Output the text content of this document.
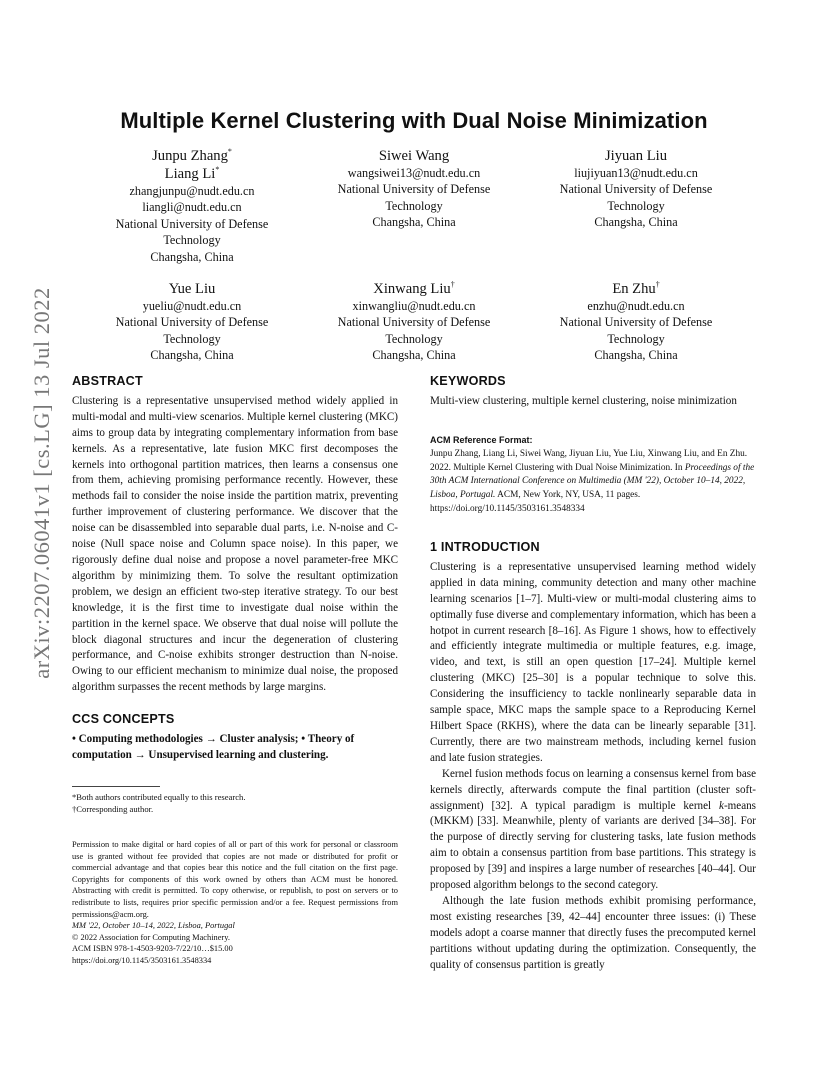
arXiv:2207.06041v1 [cs.LG] 13 Jul 2022
Multiple Kernel Clustering with Dual Noise Minimization
Junpu Zhang*
Liang Li*
zhangjunpu@nudt.edu.cn
liangli@nudt.edu.cn
National University of Defense
Technology
Changsha, China
Siwei Wang
wangsiwei13@nudt.edu.cn
National University of Defense
Technology
Changsha, China
Jiyuan Liu
liujiyuan13@nudt.edu.cn
National University of Defense
Technology
Changsha, China
Yue Liu
yueliu@nudt.edu.cn
National University of Defense
Technology
Changsha, China
Xinwang Liu†
xinwangliu@nudt.edu.cn
National University of Defense
Technology
Changsha, China
En Zhu†
enzhu@nudt.edu.cn
National University of Defense
Technology
Changsha, China
ABSTRACT

Clustering is a representative unsupervised method widely applied in multi-modal and multi-view scenarios. Multiple kernel clustering (MKC) aims to group data by integrating complementary information from base kernels. As a representative, late fusion MKC first decomposes the kernels into orthogonal partition matrices, then learns a consensus one from them, achieving promising performance recently. However, these methods fail to consider the noise inside the partition matrix, preventing further improvement of clustering performance. We discover that the noise can be disassembled into separable dual parts, i.e. N-noise and C-noise (Null space noise and Column space noise). In this paper, we rigorously define dual noise and propose a novel parameter-free MKC algorithm by minimizing them. To solve the resultant optimization problem, we design an efficient two-step iterative strategy. To our best knowledge, it is the first time to investigate dual noise within the partition in the kernel space. We observe that dual noise will pollute the block diagonal structures and incur the degeneration of clustering performance, and C-noise exhibits stronger destruction than N-noise. Owing to our efficient mechanism to minimize dual noise, the proposed algorithm surpasses the recent methods by large margins.

CCS CONCEPTS

• Computing methodologies → Cluster analysis; • Theory of computation → Unsupervised learning and clustering.

*Both authors contributed equally to this research.
†Corresponding author.
Permission to make digital or hard copies of all or part of this work for personal or classroom use is granted without fee provided that copies are not made or distributed for profit or commercial advantage and that copies bear this notice and the full citation on the first page. Copyrights for components of this work owned by others than ACM must be honored. Abstracting with credit is permitted. To copy otherwise, or republish, to post on servers or to redistribute to lists, requires prior specific permission and/or a fee. Request permissions from permissions@acm.org.
MM '22, October 10–14, 2022, Lisboa, Portugal
© 2022 Association for Computing Machinery.
ACM ISBN 978-1-4503-9203-7/22/10…$15.00
https://doi.org/10.1145/3503161.3548334
KEYWORDS

Multi-view clustering, multiple kernel clustering, noise minimization

ACM Reference Format:
Junpu Zhang, Liang Li, Siwei Wang, Jiyuan Liu, Yue Liu, Xinwang Liu, and En Zhu. 2022. Multiple Kernel Clustering with Dual Noise Minimization. In Proceedings of the 30th ACM International Conference on Multimedia (MM '22), October 10–14, 2022, Lisboa, Portugal. ACM, New York, NY, USA, 11 pages. https://doi.org/10.1145/3503161.3548334
1 INTRODUCTION

Clustering is a representative unsupervised learning method widely applied in data mining, community detection and many other machine learning scenarios [1–7]. Multi-view or multi-modal clustering aims to optimally fuse diverse and complementary information, which has been a hotpot in current research [8–16]. As Figure 1 shows, how to effectively and efficiently integrate multimedia or multiple features, e.g. image, video, and text, is still an open question [17–24]. Multiple kernel clustering (MKC) [25–30] is a popular technique to solve this. Considering the insufficiency to tackle nonlinearly separable data in sample space, MKC maps the sample space to a Reproducing Kernel Hilbert Space (RKHS), where the data can be linearly separable [31]. Currently, there are two mainstream methods, including kernel fusion and late fusion strategies.

Kernel fusion methods focus on learning a consensus kernel from base kernels directly, afterwards compute the final partition (cluster soft-assignment) [32]. A typical paradigm is multiple kernel k-means (MKKM) [33]. Meanwhile, plenty of variants are derived [34–38]. For the purpose of directly serving for clustering tasks, late fusion methods aim to obtain a consensus partition from base partitions. This strategy is proposed by [39] and inspires a large number of researches [40–44]. Our proposed algorithm belongs to the second category.

Although the late fusion methods exhibit promising performance, most existing researches [39, 42–44] encounter three issues: (i) These models adopt a coarse manner that directly fuses the precomputed kernel partitions without updating during the optimization. Consequently, the quality of consensus partition is greatly
